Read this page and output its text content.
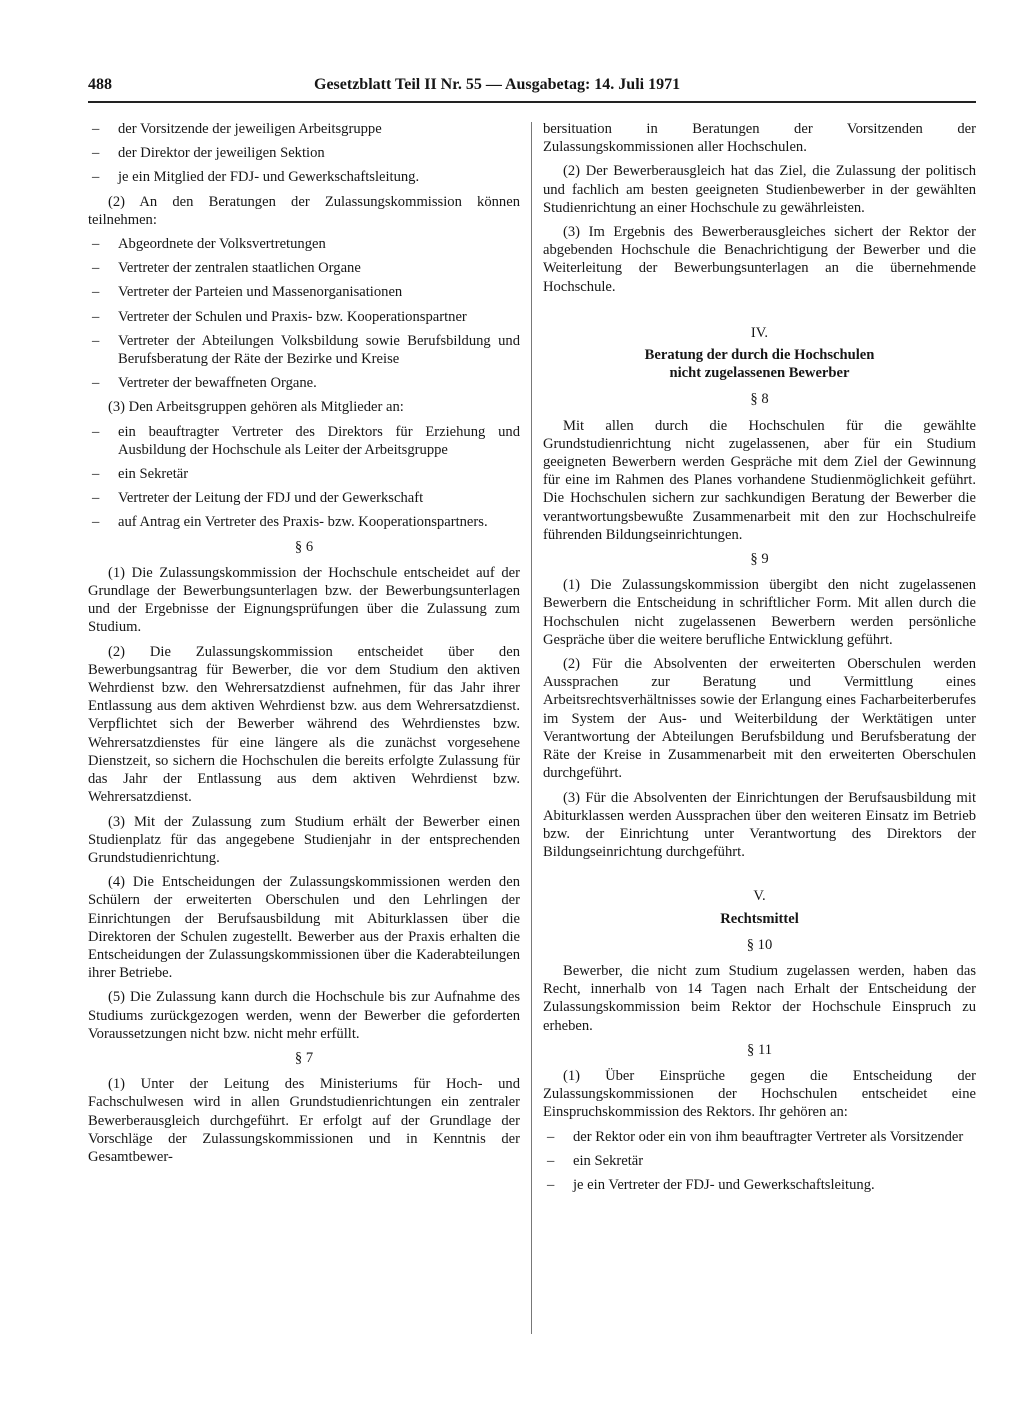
488	Gesetzblatt Teil II Nr. 55 — Ausgabetag: 14. Juli 1971
– der Vorsitzende der jeweiligen Arbeitsgruppe
– der Direktor der jeweiligen Sektion
– je ein Mitglied der FDJ- und Gewerkschaftsleitung.

(2) An den Beratungen der Zulassungskommission können teilnehmen:

– Abgeordnete der Volksvertretungen
– Vertreter der zentralen staatlichen Organe
– Vertreter der Parteien und Massenorganisationen
– Vertreter der Schulen und Praxis- bzw. Kooperationspartner
– Vertreter der Abteilungen Volksbildung sowie Berufsbildung und Berufsberatung der Räte der Bezirke und Kreise
– Vertreter der bewaffneten Organe.

(3) Den Arbeitsgruppen gehören als Mitglieder an:

– ein beauftragter Vertreter des Direktors für Erziehung und Ausbildung der Hochschule als Leiter der Arbeitsgruppe
– ein Sekretär
– Vertreter der Leitung der FDJ und der Gewerkschaft
– auf Antrag ein Vertreter des Praxis- bzw. Kooperationspartners.

§ 6

(1) Die Zulassungskommission der Hochschule entscheidet auf der Grundlage der Bewerbungsunterlagen bzw. der Bewerbungsunterlagen und der Ergebnisse der Eignungsprüfungen über die Zulassung zum Studium.

(2) Die Zulassungskommission entscheidet über den Bewerbungsantrag für Bewerber, die vor dem Studium den aktiven Wehrdienst bzw. den Wehrersatzdienst aufnehmen, für das Jahr ihrer Entlassung aus dem aktiven Wehrdienst bzw. aus dem Wehrersatzdienst. Verpflichtet sich der Bewerber während des Wehrdienstes bzw. Wehrersatzdienstes für eine längere als die zunächst vorgesehene Dienstzeit, so sichern die Hochschulen die bereits erfolgte Zulassung für das Jahr der Entlassung aus dem aktiven Wehrdienst bzw. Wehrersatzdienst.

(3) Mit der Zulassung zum Studium erhält der Bewerber einen Studienplatz für das angegebene Studienjahr in der entsprechenden Grundstudienrichtung.

(4) Die Entscheidungen der Zulassungskommissionen werden den Schülern der erweiterten Oberschulen und den Lehrlingen der Einrichtungen der Berufsausbildung mit Abiturklassen über die Direktoren der Schulen zugestellt. Bewerber aus der Praxis erhalten die Entscheidungen der Zulassungskommissionen über die Kaderabteilungen ihrer Betriebe.

(5) Die Zulassung kann durch die Hochschule bis zur Aufnahme des Studiums zurückgezogen werden, wenn der Bewerber die geforderten Voraussetzungen nicht bzw. nicht mehr erfüllt.

§ 7

(1) Unter der Leitung des Ministeriums für Hoch- und Fachschulwesen wird in allen Grundstudienrichtungen ein zentraler Bewerberausgleich durchgeführt. Er erfolgt auf der Grundlage der Vorschläge der Zulassungskommissionen und in Kenntnis der Gesamtbewer-

bersituation in Beratungen der Vorsitzenden der Zulassungskommissionen aller Hochschulen.

(2) Der Bewerberausgleich hat das Ziel, die Zulassung der politisch und fachlich am besten geeigneten Studienbewerber in der gewählten Studienrichtung an einer Hochschule zu gewährleisten.

(3) Im Ergebnis des Bewerberausgleiches sichert der Rektor der abgebenden Hochschule die Benachrichtigung der Bewerber und die Weiterleitung der Bewerbungsunterlagen an die übernehmende Hochschule.

IV.

Beratung der durch die Hochschulen

nicht zugelassenen Bewerber

§ 8

Mit allen durch die Hochschulen für die gewählte Grundstudienrichtung nicht zugelassenen, aber für ein Studium geeigneten Bewerbern werden Gespräche mit dem Ziel der Gewinnung für eine im Rahmen des Planes vorhandene Studienmöglichkeit geführt. Die Hochschulen sichern zur sachkundigen Beratung der Bewerber die verantwortungsbewußte Zusammenarbeit mit den zur Hochschulreife führenden Bildungseinrichtungen.

§ 9

(1) Die Zulassungskommission übergibt den nicht zugelassenen Bewerbern die Entscheidung in schriftlicher Form. Mit allen durch die Hochschulen nicht zugelassenen Bewerbern werden persönliche Gespräche über die weitere berufliche Entwicklung geführt.

(2) Für die Absolventen der erweiterten Oberschulen werden Aussprachen zur Beratung und Vermittlung eines Arbeitsrechtsverhältnisses sowie der Erlangung eines Facharbeiterberufes im System der Aus- und Weiterbildung der Werktätigen unter Verantwortung der Abteilungen Berufsbildung und Berufsberatung der Räte der Kreise in Zusammenarbeit mit den erweiterten Oberschulen durchgeführt.

(3) Für die Absolventen der Einrichtungen der Berufsausbildung mit Abiturklassen werden Aussprachen über den weiteren Einsatz im Betrieb bzw. der Einrichtung unter Verantwortung des Direktors der Bildungseinrichtung durchgeführt.

V.

Rechtsmittel

§ 10

Bewerber, die nicht zum Studium zugelassen werden, haben das Recht, innerhalb von 14 Tagen nach Erhalt der Entscheidung der Zulassungskommission beim Rektor der Hochschule Einspruch zu erheben.

§ 11

(1) Über Einsprüche gegen die Entscheidung der Zulassungskommissionen der Hochschulen entscheidet eine Einspruchskommission des Rektors. Ihr gehören an:

– der Rektor oder ein von ihm beauftragter Vertreter als Vorsitzender
– ein Sekretär
– je ein Vertreter der FDJ- und Gewerkschaftsleitung.
